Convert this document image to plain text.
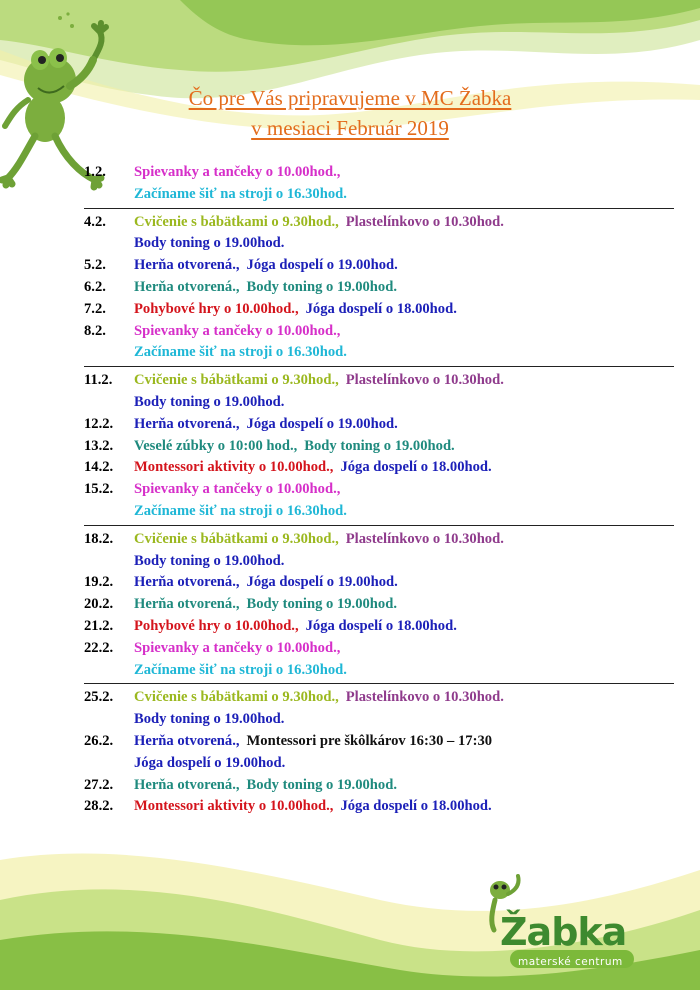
Čo pre Vás pripravujeme v MC Žabka
v mesiaci Február 2019
1.2.	Spievanky a tančeky o 10.00hod.,
Začíname šiť na stroji o 16.30hod.
4.2.	Cvičenie s bábätkami o 9.30hod., Plastelínkovo o 10.30hod.
Body toning o 19.00hod.
5.2.	Herňa otvorená., Jóga dospelí o 19.00hod.
6.2.	Herňa otvorená., Body toning o 19.00hod.
7.2.	Pohybové hry o 10.00hod., Jóga dospelí o 18.00hod.
8.2.	Spievanky a tančeky o 10.00hod.,
Začíname šiť na stroji o 16.30hod.
11.2.	Cvičenie s bábätkami o 9.30hod., Plastelínkovo o 10.30hod.
Body toning o 19.00hod.
12.2.	Herňa otvorená., Jóga dospelí o 19.00hod.
13.2.	Veselé zúbky o 10:00 hod., Body toning o 19.00hod.
14.2.	Montessori aktivity o 10.00hod., Jóga dospelí o 18.00hod.
15.2.	Spievanky a tančeky o 10.00hod.,
Začíname šiť na stroji o 16.30hod.
18.2.	Cvičenie s bábätkami o 9.30hod., Plastelínkovo o 10.30hod.
Body toning o 19.00hod.
19.2.	Herňa otvorená., Jóga dospelí o 19.00hod.
20.2.	Herňa otvorená., Body toning o 19.00hod.
21.2.	Pohybové hry o 10.00hod., Jóga dospelí o 18.00hod.
22.2.	Spievanky a tančeky o 10.00hod.,
Začíname šiť na stroji o 16.30hod.
25.2.	Cvičenie s bábätkami o 9.30hod., Plastelínkovo o 10.30hod.
Body toning o 19.00hod.
26.2.	Herňa otvorená., Montessori pre škôlkárov 16:30 – 17:30
Jóga dospelí o 19.00hod.
27.2.	Herňa otvorená., Body toning o 19.00hod.
28.2.	Montessori aktivity o 10.00hod., Jóga dospelí o 18.00hod.
Žabka
materské centrum
